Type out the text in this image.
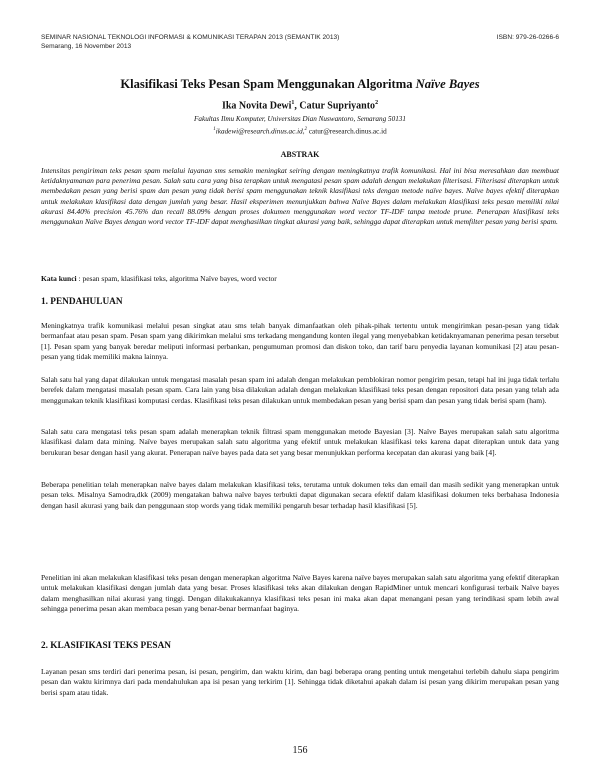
SEMINAR NASIONAL TEKNOLOGI INFORMASI & KOMUNIKASI TERAPAN 2013 (SEMANTIK 2013)	ISBN: 979-26-0266-6
Semarang, 16 November 2013
Klasifikasi Teks Pesan Spam Menggunakan Algoritma Naïve Bayes
Ika Novita Dewi$^1$, Catur Supriyanto$^2$
Fakultas Ilmu Komputer, Universitas Dian Nuswantoro, Semarang 50131
$^1$ikadewi@research.dinus.ac.id,$^2$ catur@research.dinus.ac.id
ABSTRAK
Intensitas pengiriman teks pesan spam melalui layanan sms semakin meningkat seiring dengan meningkatnya trafik komunikasi. Hal ini bisa meresahkan dan membuat ketidaknyamanan para penerima pesan. Salah satu cara yang bisa terapkan untuk mengatasi pesan spam adalah dengan melakukan filterisasi. Filterisasi diterapkan untuk membedakan pesan yang berisi spam dan pesan yang tidak berisi spam menggunakan teknik klasifikasi teks dengan metode naïve bayes. Naïve bayes efektif diterapkan untuk melakukan klasifikasi data dengan jumlah yang besar. Hasil eksperimen menunjukkan bahwa Naïve Bayes dalam melakukan klasifikasi teks pesan memiliki nilai akurasi 84.40% precision 45.76% dan recall 88.09% dengan proses dokumen menggunakan word vector TF-IDF tanpa metode prune. Penerapan klasifikasi teks menggunakan Naïve Bayes dengan word vector TF-IDF dapat menghasilkan tingkat akurasi yang baik, sehingga dapat diterapkan untuk memfilter pesan yang berisi spam.
Kata kunci : pesan spam, klasifikasi teks, algoritma Naïve bayes, word vector
1. PENDAHULUAN
Meningkatnya trafik komunikasi melalui pesan singkat atau sms telah banyak dimanfaatkan oleh pihak-pihak tertentu untuk mengirimkan pesan-pesan yang tidak bermanfaat atau pesan spam. Pesan spam yang dikirimkan melalui sms terkadang mengandung konten ilegal yang menyebabkan ketidaknyamanan penerima pesan tersebut [1]. Pesan spam yang banyak beredar meliputi informasi perbankan, pengumuman promosi dan diskon toko, dan tarif baru penyedia layanan komunikasi [2] atau pesan-pesan yang tidak memiliki makna lainnya.
Salah satu hal yang dapat dilakukan untuk mengatasi masalah pesan spam ini adalah dengan melakukan pemblokiran nomor pengirim pesan, tetapi hal ini juga tidak terlalu berefek dalam mengatasi masalah pesan spam. Cara lain yang bisa dilakukan adalah dengan melakukan klasifikasi teks pesan dengan repositori data pesan yang telah ada menggunakan teknik klasifikasi komputasi cerdas. Klasifikasi teks pesan dilakukan untuk membedakan pesan yang berisi spam dan pesan yang tidak berisi spam (ham).
Salah satu cara mengatasi teks pesan spam adalah menerapkan teknik filtrasi spam menggunakan metode Bayesian [3]. Naïve Bayes merupakan salah satu algoritma klasifikasi dalam data mining. Naïve bayes merupakan salah satu algoritma yang efektif untuk melakukan klasifikasi teks karena dapat diterapkan untuk data yang berukuran besar dengan hasil yang akurat. Penerapan naïve bayes pada data set yang besar menunjukkan performa kecepatan dan akurasi yang baik [4].
Beberapa penelitian telah menerapkan naïve bayes dalam melakukan klasifikasi teks, terutama untuk dokumen teks dan email dan masih sedikit yang menerapkan untuk pesan teks. Misalnya Samodra,dkk (2009) mengatakan bahwa naïve bayes terbukti dapat digunakan secara efektif dalam klasifikasi dokumen teks berbahasa Indonesia dengan hasil akurasi yang baik dan penggunaan stop words yang tidak memiliki pengaruh besar terhadap hasil klasifikasi [5].
Penelitian ini akan melakukan klasifikasi teks pesan dengan menerapkan algoritma Naïve Bayes karena naïve bayes merupakan salah satu algoritma yang efektif diterapkan untuk melakukan klasifikasi dengan jumlah data yang besar. Proses klasifikasi teks akan dilakukan dengan RapidMiner untuk mencari konfigurasi terbaik Naïve bayes dalam menghasilkan nilai akurasi yang tinggi. Dengan dilakukakannya klasifikasi teks pesan ini maka akan dapat menangani pesan yang terindikasi spam lebih awal sehingga penerima pesan akan membaca pesan yang benar-benar bermanfaat baginya.
2. KLASIFIKASI TEKS PESAN
Layanan pesan sms terdiri dari penerima pesan, isi pesan, pengirim, dan waktu kirim, dan bagi beberapa orang penting untuk mengetahui terlebih dahulu siapa pengirim pesan dan waktu kirimnya dari pada mendahulukan apa isi pesan yang terkirim [1]. Sehingga tidak diketahui apakah dalam isi pesan yang dikirim merupakan pesan yang berisi spam atau tidak.
156
